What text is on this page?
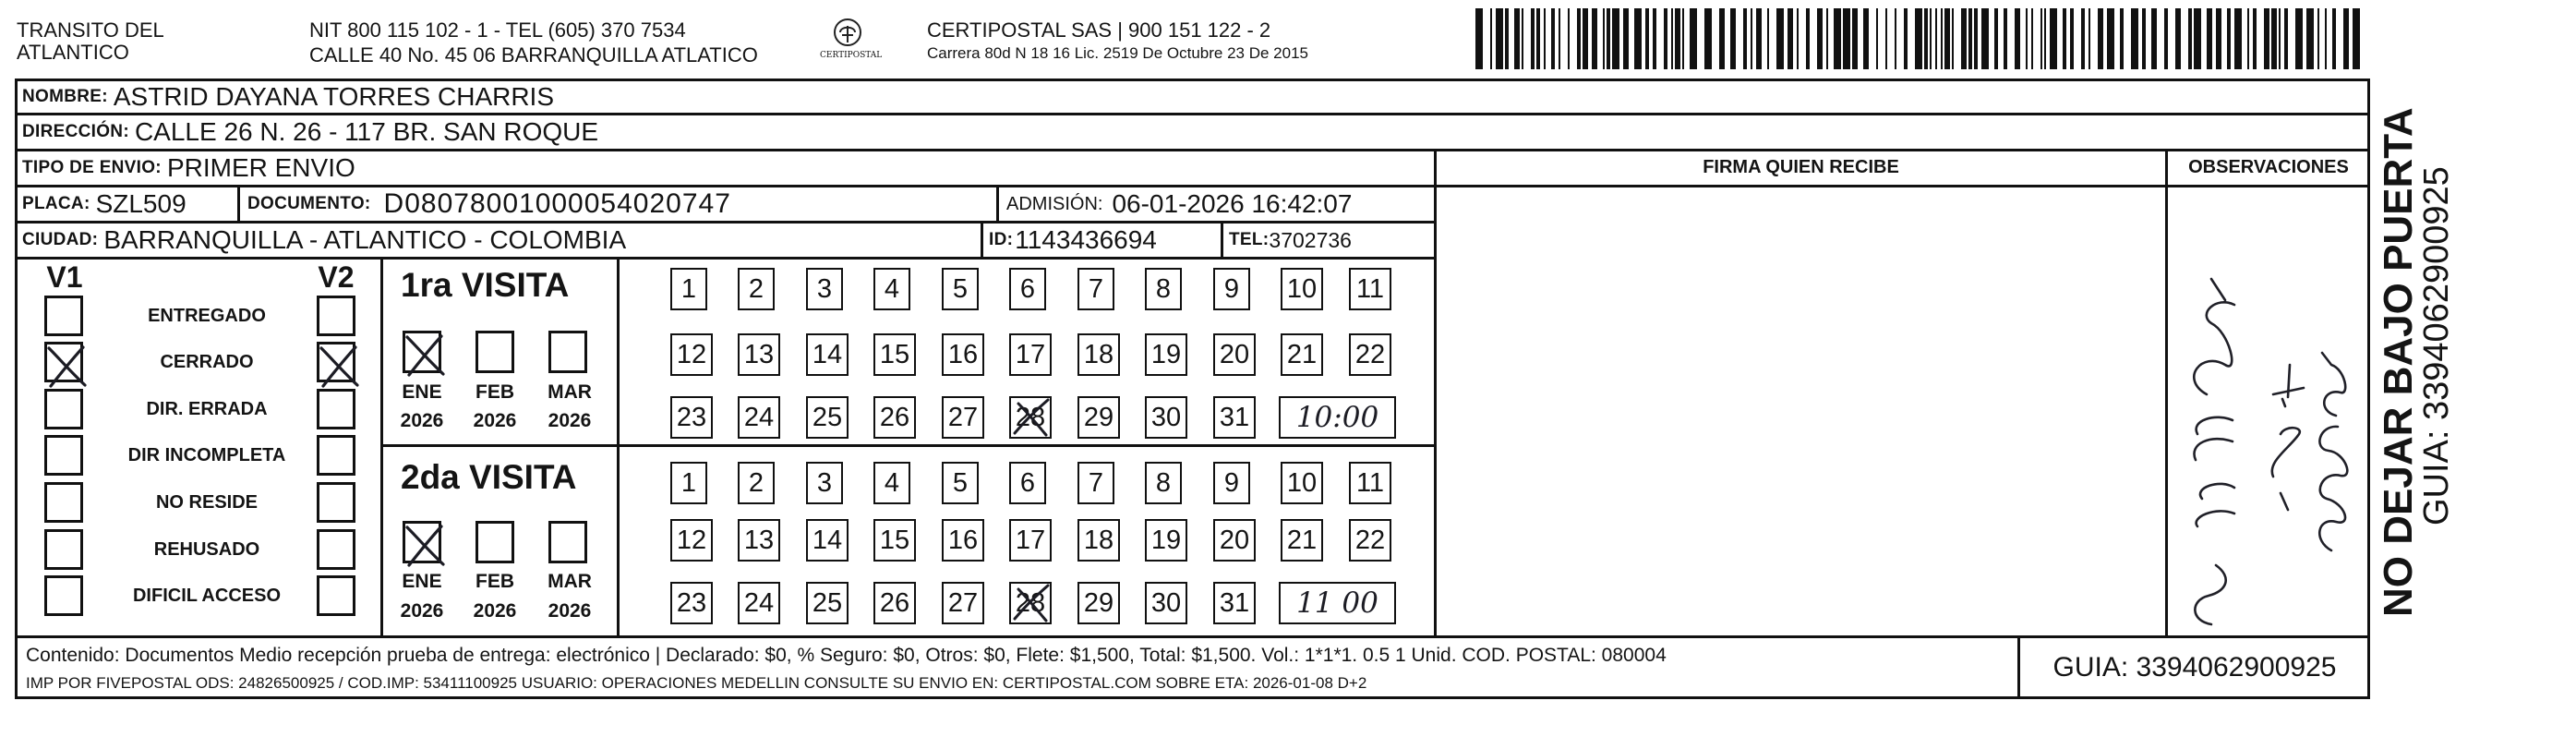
TRANSITO DEL
ATLANTICO
NIT 800 115 102 - 1 - TEL (605) 370 7534
CALLE 40 No. 45 06 BARRANQUILLA ATLATICO	CERTIPOSTAL
CERTIPOSTAL SAS | 900 151 122 - 2
Carrera 80d N 18 16 Lic. 2519 De Octubre 23 De 2015
NOMBRE: ASTRID DAYANA TORRES CHARRIS
DIRECCIÓN: CALLE 26 N. 26 - 117 BR. SAN ROQUE
TIPO DE ENVIO: PRIMER ENVIO	FIRMA QUIEN RECIBE	OBSERVACIONES
PLACA: SZL509	DOCUMENTO: D08078001000054020747	ADMISIÓN: 06-01-2026 16:42:07
CIUDAD: BARRANQUILLA - ATLANTICO - COLOMBIA	ID: 1143436694	TEL: 3702736
V1	V2
ENTREGADO
CERRADO
DIR. ERRADA
DIR INCOMPLETA
NO RESIDE
REHUSADO
DIFICIL ACCESO
1ra VISITA
ENE	FEB	MAR
2026	2026	2026
2da VISITA
ENE	FEB	MAR
2026	2026	2026
Contenido: Documentos Medio recepción prueba de entrega: electrónico | Declarado: $0, % Seguro: $0, Otros: $0, Flete: $1,500, Total: $1,500. Vol.: 1*1*1. 0.5 1 Unid. COD. POSTAL: 080004
IMP POR FIVEPOSTAL ODS: 24826500925 / COD.IMP: 53411100925 USUARIO: OPERACIONES MEDELLIN CONSULTE SU ENVIO EN: CERTIPOSTAL.COM SOBRE ETA: 2026-01-08 D+2
GUIA: 3394062900925
NO DEJAR BAJO PUERTA
GUIA: 3394062900925
1	2	3	4	5	6	7	8	9	10 11
12 13 14 15 16 17 18 19 20 21 22
23 24 25 26 27 28 29 30 31	10:00
1	2	3	4	5	6	7	8	9	10 11
12 13 14 15 16 17 18 19 20 21 22
23 24 25 26 27 28 29 30 31	11 00
